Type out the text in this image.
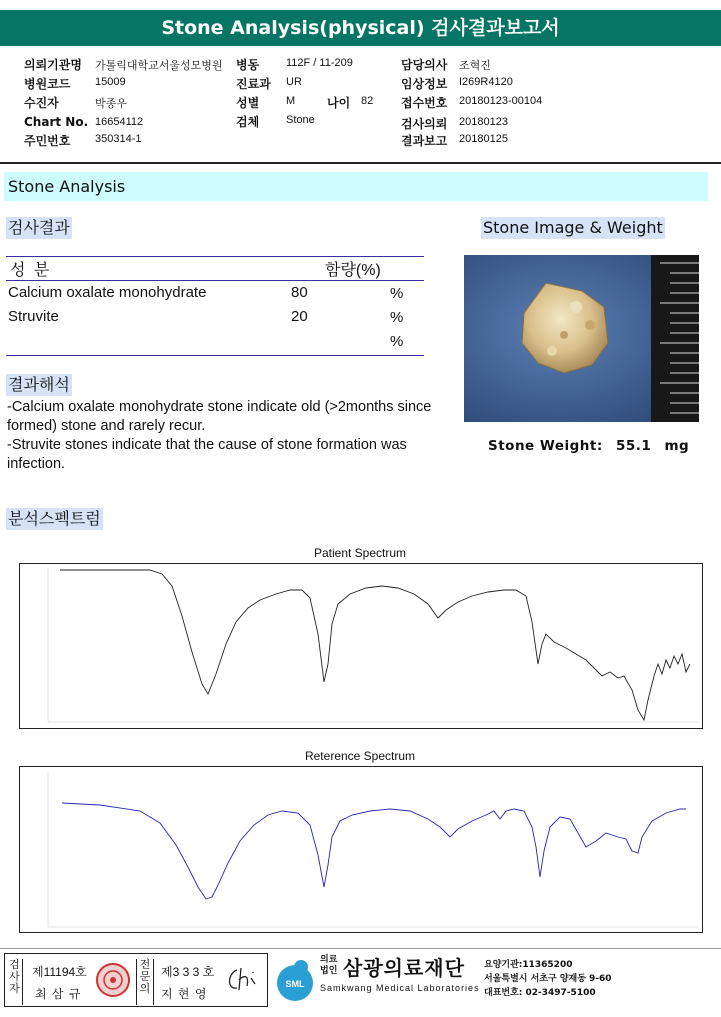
Stone Analysis(physical) 검사결과보고서
의뢰기관명 가톨릭대학교서울성모병원 병동 112F / 11-209	담당의사 조혁진
병원코드 15009	진료과 UR	임상정보 I269R4120
수진자	박종우	성별 M	나이 82 접수번호 20180123-00104
Chart No. 16654112	검체 Stone	검사의뢰 20180123
주민번호 350314-1	결과보고 20180125
Stone Analysis
검사결과
성 분	함량(%)
Calcium oxalate monohydrate	80	%
Struvite	20	%
%
Stone Image & Weight
Stone Weight: 55.1 mg
결과해석
-Calcium oxalate monohydrate stone indicate old (>2months since formed) stone and rarely recur.
-Struvite stones indicate that the cause of stone formation was infection.
분석스펙트럼
Patient Spectrum
Reterence Spectrum
검사자
제11194호
최 삼 규
전문의
제3 3 3 호
지 현 영
SML
의료법인 삼광의료재단
Samkwang Medical Laboratories
요양기관:11365200
서울특별시 서초구 양재동 9-60
대표번호: 02-3497-5100
